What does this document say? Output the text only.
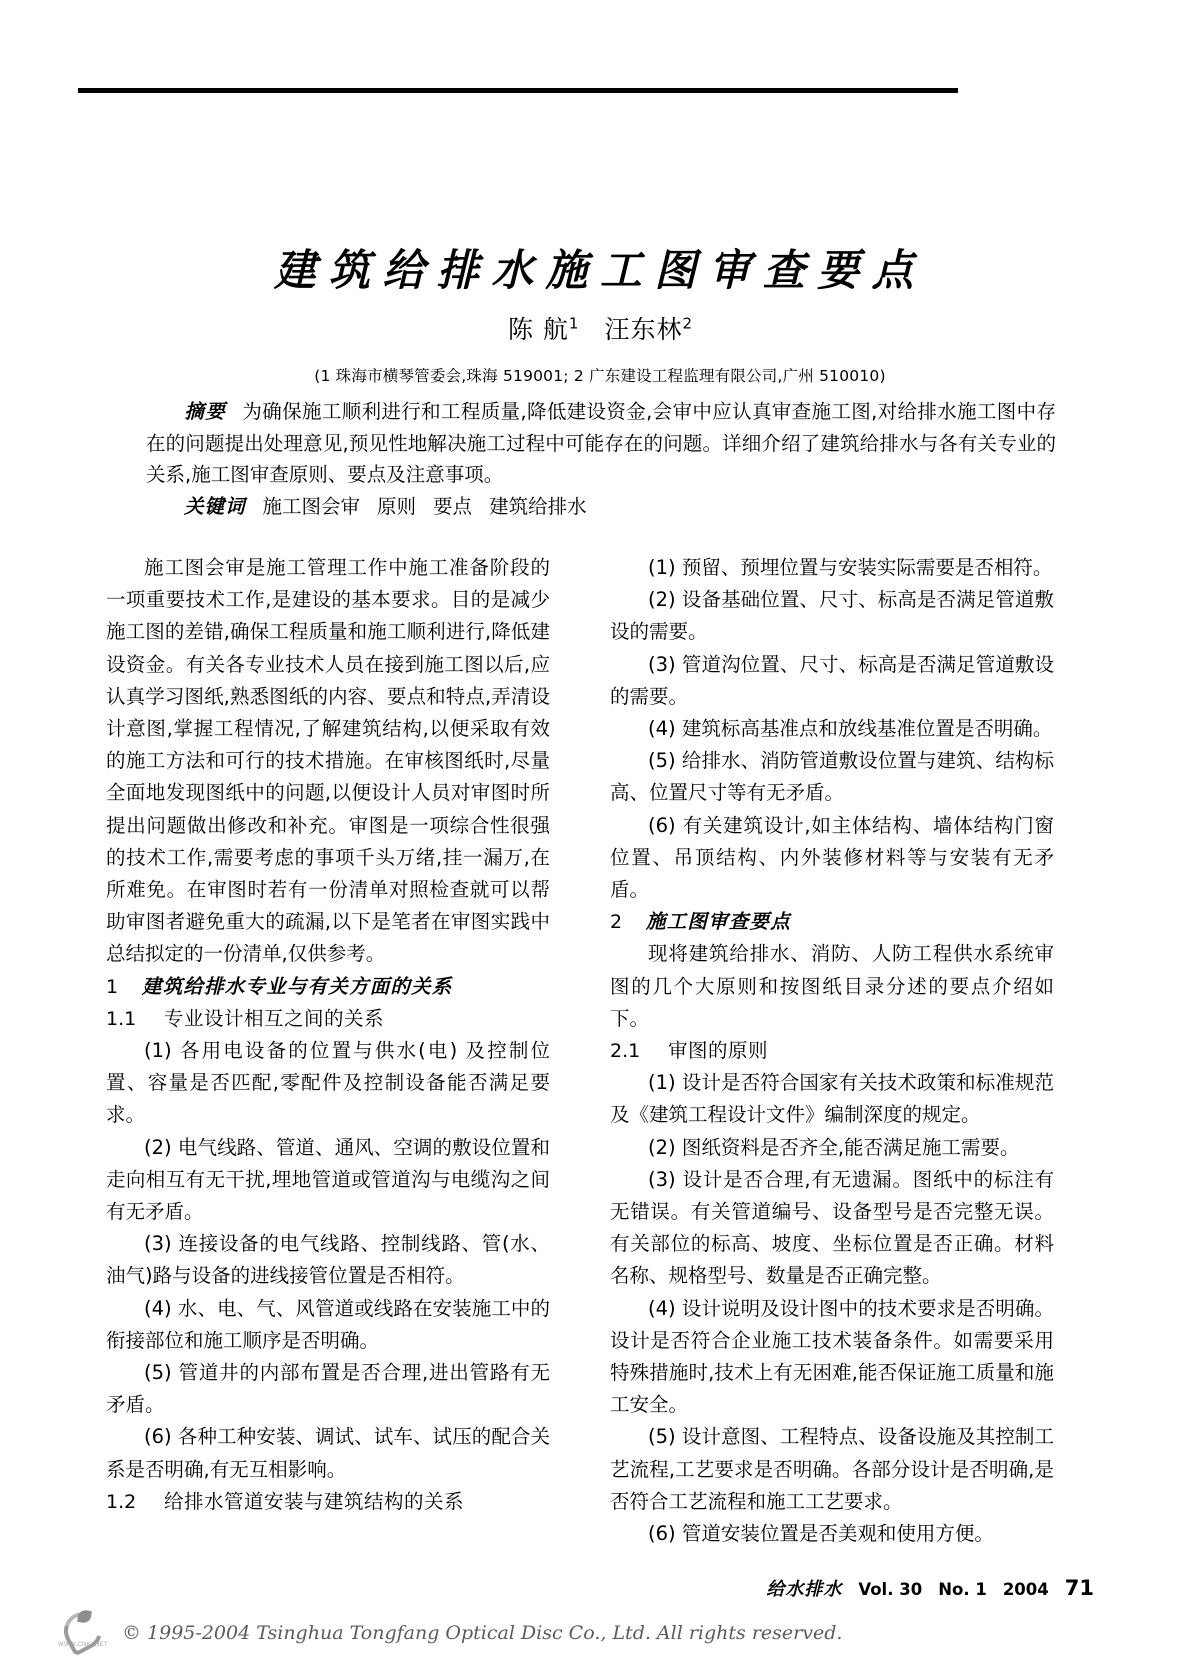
建筑给排水施工图审查要点
陈 航$^1$ 汪东林$^2$
(1 珠海市横琴管委会,珠海 519001; 2 广东建设工程监理有限公司,广州 510010)

摘要 为确保施工顺利进行和工程质量,降低建设资金,会审中应认真审查施工图,对给排水施工图中存在的问题提出处理意见,预见性地解决施工过程中可能存在的问题。详细介绍了建筑给排水与各有关专业的关系,施工图审查原则、要点及注意事项。

关键词 施工图会审 原则 要点 建筑给排水

施工图会审是施工管理工作中施工准备阶段的一项重要技术工作,是建设的基本要求。目的是减少施工图的差错,确保工程质量和施工顺利进行,降低建设资金。有关各专业技术人员在接到施工图以后,应认真学习图纸,熟悉图纸的内容、要点和特点,弄清设计意图,掌握工程情况,了解建筑结构,以便采取有效的施工方法和可行的技术措施。在审核图纸时,尽量全面地发现图纸中的问题,以便设计人员对审图时所提出问题做出修改和补充。审图是一项综合性很强的技术工作,需要考虑的事项千头万绪,挂一漏万,在所难免。在审图时若有一份清单对照检查就可以帮助审图者避免重大的疏漏,以下是笔者在审图实践中总结拟定的一份清单,仅供参考。

1	建筑给排水专业与有关方面的关系
1.1	专业设计相互之间的关系

(1) 各用电设备的位置与供水(电) 及控制位置、容量是否匹配,零配件及控制设备能否满足要求。

(2) 电气线路、管道、通风、空调的敷设位置和走向相互有无干扰,埋地管道或管道沟与电缆沟之间有无矛盾。

(3) 连接设备的电气线路、控制线路、管(水、油气)路与设备的进线接管位置是否相符。

(4) 水、电、气、风管道或线路在安装施工中的衔接部位和施工顺序是否明确。

(5) 管道井的内部布置是否合理,进出管路有无矛盾。

(6) 各种工种安装、调试、试车、试压的配合关系是否明确,有无互相影响。

1.2	给排水管道安装与建筑结构的关系

(1) 预留、预埋位置与安装实际需要是否相符。

(2) 设备基础位置、尺寸、标高是否满足管道敷设的需要。

(3) 管道沟位置、尺寸、标高是否满足管道敷设的需要。

(4) 建筑标高基准点和放线基准位置是否明确。

(5) 给排水、消防管道敷设位置与建筑、结构标高、位置尺寸等有无矛盾。

(6) 有关建筑设计,如主体结构、墙体结构门窗位置、吊顶结构、内外装修材料等与安装有无矛盾。

2	施工图审查要点

现将建筑给排水、消防、人防工程供水系统审图的几个大原则和按图纸目录分述的要点介绍如下。

2.1	审图的原则

(1) 设计是否符合国家有关技术政策和标准规范及《建筑工程设计文件》编制深度的规定。

(2) 图纸资料是否齐全,能否满足施工需要。

(3) 设计是否合理,有无遗漏。图纸中的标注有无错误。有关管道编号、设备型号是否完整无误。有关部位的标高、坡度、坐标位置是否正确。材料名称、规格型号、数量是否正确完整。

(4) 设计说明及设计图中的技术要求是否明确。设计是否符合企业施工技术装备条件。如需要采用特殊措施时,技术上有无困难,能否保证施工质量和施工安全。

(5) 设计意图、工程特点、设备设施及其控制工艺流程,工艺要求是否明确。各部分设计是否明确,是否符合工艺流程和施工工艺要求。

(6) 管道安装位置是否美观和使用方便。

给水排水 Vol. 30 No. 1 2004 71
WWW.CNKI.NET
© 1995-2004 Tsinghua Tongfang Optical Disc Co., Ltd. All rights reserved.
